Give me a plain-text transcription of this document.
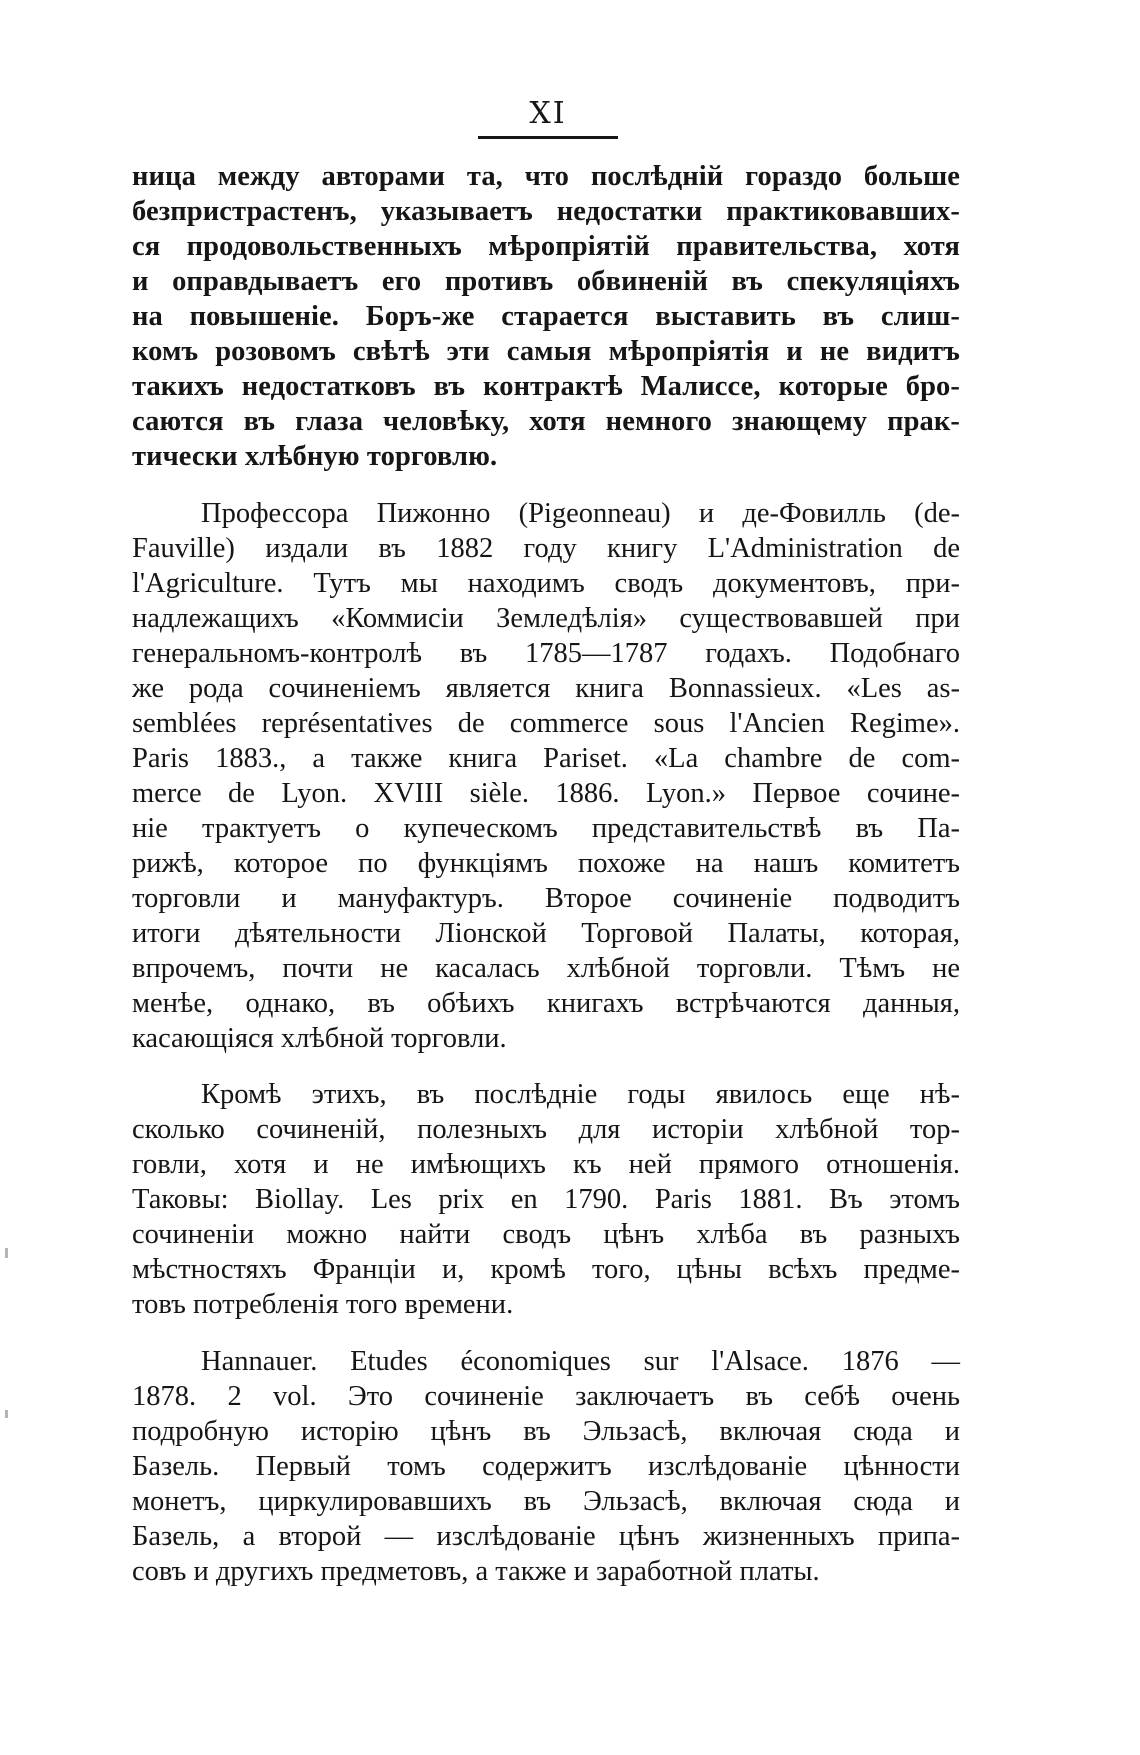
XI
ница между авторами та, что послѣднiй гораздо больше
безпристрастенъ, указываетъ недостатки практиковавших-
ся продовольственныхъ мѣропрiятiй правительства, хотя
и оправдываетъ его противъ обвиненiй въ спекуляцiяхъ
на повышенiе. Боръ-же старается выставить въ слиш-
комъ розовомъ свѣтѣ эти самыя мѣропрiятiя и не видитъ
такихъ недостатковъ въ контрактѣ Малиссе, которые бро-
саются въ глаза человѣку, хотя немного знающему прак-
тически хлѣбную торговлю.
Профессора Пижонно (Pigeonneau) и де-Фовилль (de-
Fauville) издали въ 1882 году книгу L'Administration de
l'Agriculture. Тутъ мы находимъ сводъ документовъ, при-
надлежащихъ «Коммисiи Земледѣлiя» существовавшей при
генеральномъ-контролѣ въ 1785—1787 годахъ. Подобнаго
же рода сочиненiемъ является книга Bonnassieux. «Les as-
semblées représentatives de commerce sous l'Ancien Regime».
Paris 1883., а также книга Pariset. «La chambre de com-
merce de Lyon. XVIII sièle. 1886. Lyon.» Первое сочине-
нiе трактуетъ о купеческомъ представительствѣ въ Па-
рижѣ, которое по функцiямъ похоже на нашъ комитетъ
торговли и мануфактуръ. Второе сочиненiе подводитъ
итоги дѣятельности Лiонской Торговой Палаты, которая,
впрочемъ, почти не касалась хлѣбной торговли. Тѣмъ не
менѣе, однако, въ обѣихъ книгахъ встрѣчаются данныя,
касающiяся хлѣбной торговли.
Кромѣ этихъ, въ послѣднiе годы явилось еще нѣ-
сколько сочиненiй, полезныхъ для исторiи хлѣбной тор-
говли, хотя и не имѣющихъ къ ней прямого отношенiя.
Таковы: Biollay. Les prix en 1790. Paris 1881. Въ этомъ
сочиненiи можно найти сводъ цѣнъ хлѣба въ разныхъ
мѣстностяхъ Францiи и, кромѣ того, цѣны всѣхъ предме-
товъ потребленiя того времени.
Hannauer. Etudes économiques sur l'Alsace. 1876 —
1878. 2 vol. Это сочиненiе заключаетъ въ себѣ очень
подробную исторiю цѣнъ въ Эльзасѣ, включая сюда и
Базель. Первый томъ содержитъ изслѣдованiе цѣнности
монетъ, циркулировавшихъ въ Эльзасѣ, включая сюда и
Базель, а второй — изслѣдованiе цѣнъ жизненныхъ припа-
совъ и другихъ предметовъ, а также и заработной платы.
